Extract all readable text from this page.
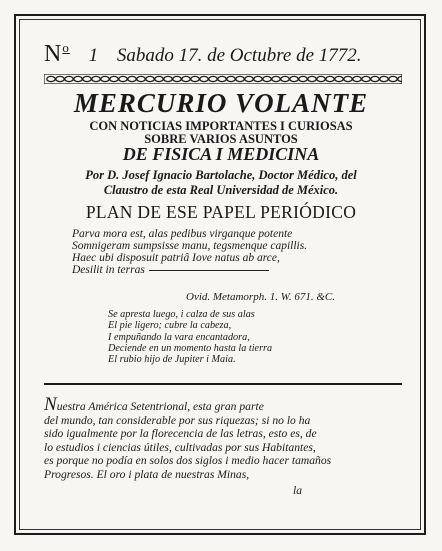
$N^o$ 1 Sabado 17. de Octubre de 1772.
MERCURIO VOLANTE
CON NOTICIAS IMPORTANTES I CURIOSAS
SOBRE VARIOS ASUNTOS
DE FISICA I MEDICINA
Por D. Josef Ignacio Bartolache, Doctor Médico, del
Claustro de esta Real Universidad de México.
PLAN DE ESE PAPEL PERIÓDICO
Parva mora est, alas pedibus virganque potente
Somnigeram sumpsisse manu, tegsmenque capillis.
Haec ubi disposuit patriâ Iove natus ab arce,
Desilit in terras
Ovid. Metamorph. 1. W. 671. &C.
Se apresta luego, i calza de sus alas
El pie ligero; cubre la cabeza,
I empuñando la vara encantadora,
Deciende en un momento hasta la tierra
El rubio hijo de Jupiter i Maia.
Nuestra América Setentrional, esta gran parte
del mundo, tan considerable por sus riquezas; si no lo ha
sido igualmente por la florecencia de las letras, esto es, de
lo estudios i ciencias útiles, cultivadas por sus Habitantes,
es porque no podía en solos dos siglos i medio hacer tamaños
Progresos. El oro i plata de nuestras Minas,
la
